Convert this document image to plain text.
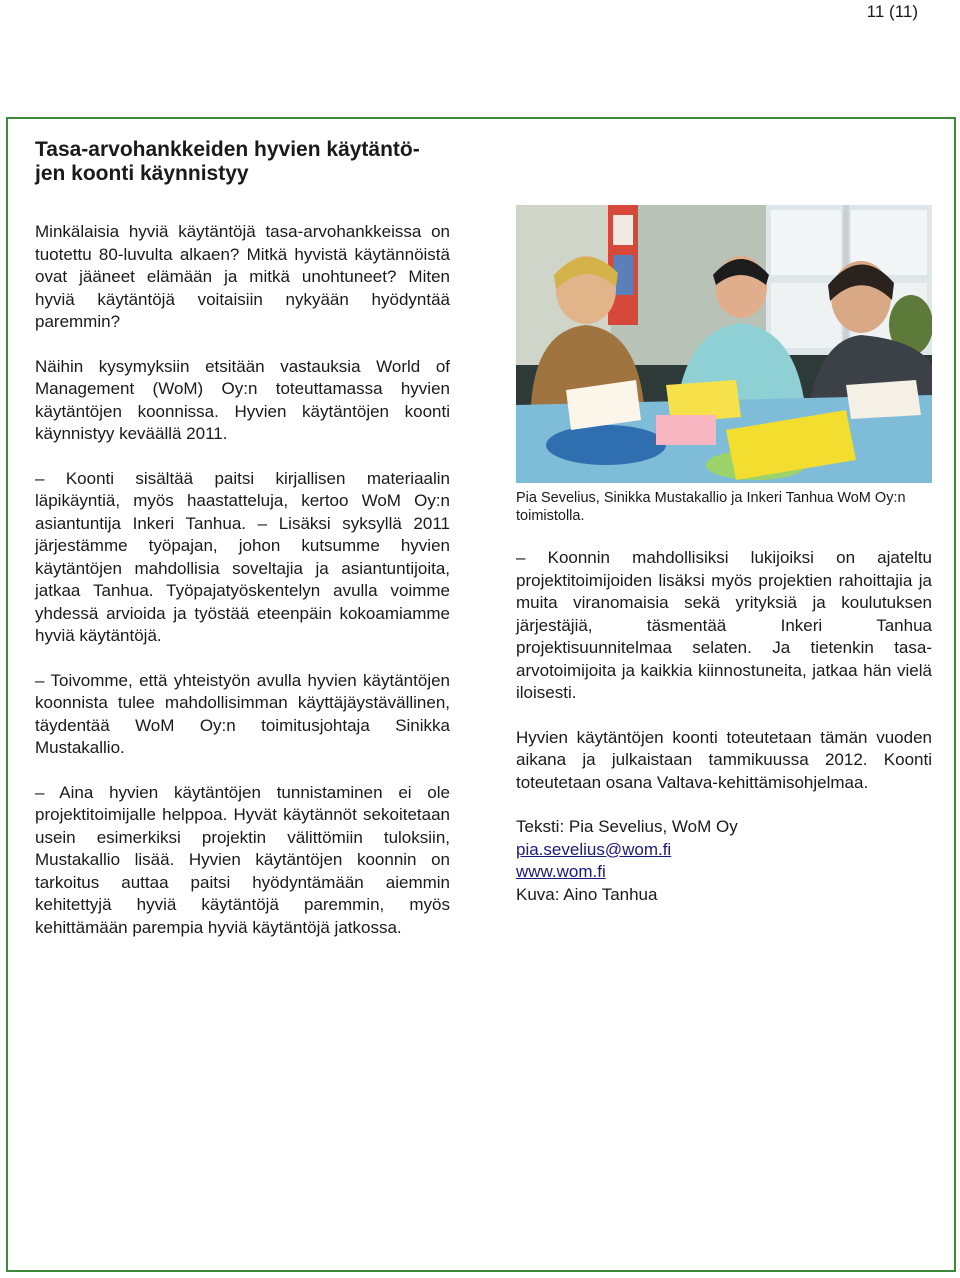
11 (11)
Tasa-arvohankkeiden hyvien käytäntö-
jen koonti käynnistyy

Minkälaisia hyviä käytäntöjä tasa-arvohankkeissa on tuotettu 80-luvulta alkaen? Mitkä hyvistä käytännöistä ovat jääneet elämään ja mitkä unohtuneet? Miten hyviä käytäntöjä voitaisiin nykyään hyödyntää paremmin?

Näihin kysymyksiin etsitään vastauksia World of Management (WoM) Oy:n toteuttamassa hyvien käytäntöjen koonnissa. Hyvien käytäntöjen koonti käynnistyy keväällä 2011.

– Koonti sisältää paitsi kirjallisen materiaalin läpikäyntiä, myös haastatteluja, kertoo WoM Oy:n asiantuntija Inkeri Tanhua. – Lisäksi syksyllä 2011 järjestämme työpajan, johon kutsumme hyvien käytäntöjen mahdollisia soveltajia ja asiantuntijoita, jatkaa Tanhua. Työpajatyöskentelyn avulla voimme yhdessä arvioida ja työstää eteenpäin kokoamiamme hyviä käytäntöjä.

– Toivomme, että yhteistyön avulla hyvien käytäntöjen koonnista tulee mahdollisimman käyttäjäystävällinen, täydentää WoM Oy:n toimitusjohtaja Sinikka Mustakallio.

– Aina hyvien käytäntöjen tunnistaminen ei ole projektitoimijalle helppoa. Hyvät käytännöt sekoitetaan usein esimerkiksi projektin välittömiin tuloksiin, Mustakallio lisää. Hyvien käytäntöjen koonnin on tarkoitus auttaa paitsi hyödyntämään aiemmin kehitettyjä hyviä käytäntöjä paremmin, myös kehittämään parempia hyviä käytäntöjä jatkossa.

Pia Sevelius, Sinikka Mustakallio ja Inkeri Tanhua WoM Oy:n toimistolla.

– Koonnin mahdollisiksi lukijoiksi on ajateltu projektitoimijoiden lisäksi myös projektien rahoittajia ja muita viranomaisia sekä yrityksiä ja koulutuksen järjestäjiä, täsmentää Inkeri Tanhua projektisuunnitelmaa selaten. Ja tietenkin tasa-arvotoimijoita ja kaikkia kiinnostuneita, jatkaa hän vielä iloisesti.

Hyvien käytäntöjen koonti toteutetaan tämän vuoden aikana ja julkaistaan tammikuussa 2012. Koonti toteutetaan osana Valtava-kehittämisohjelmaa.

Teksti: Pia Sevelius, WoM Oy
pia.sevelius@wom.fi
www.wom.fi
Kuva: Aino Tanhua
